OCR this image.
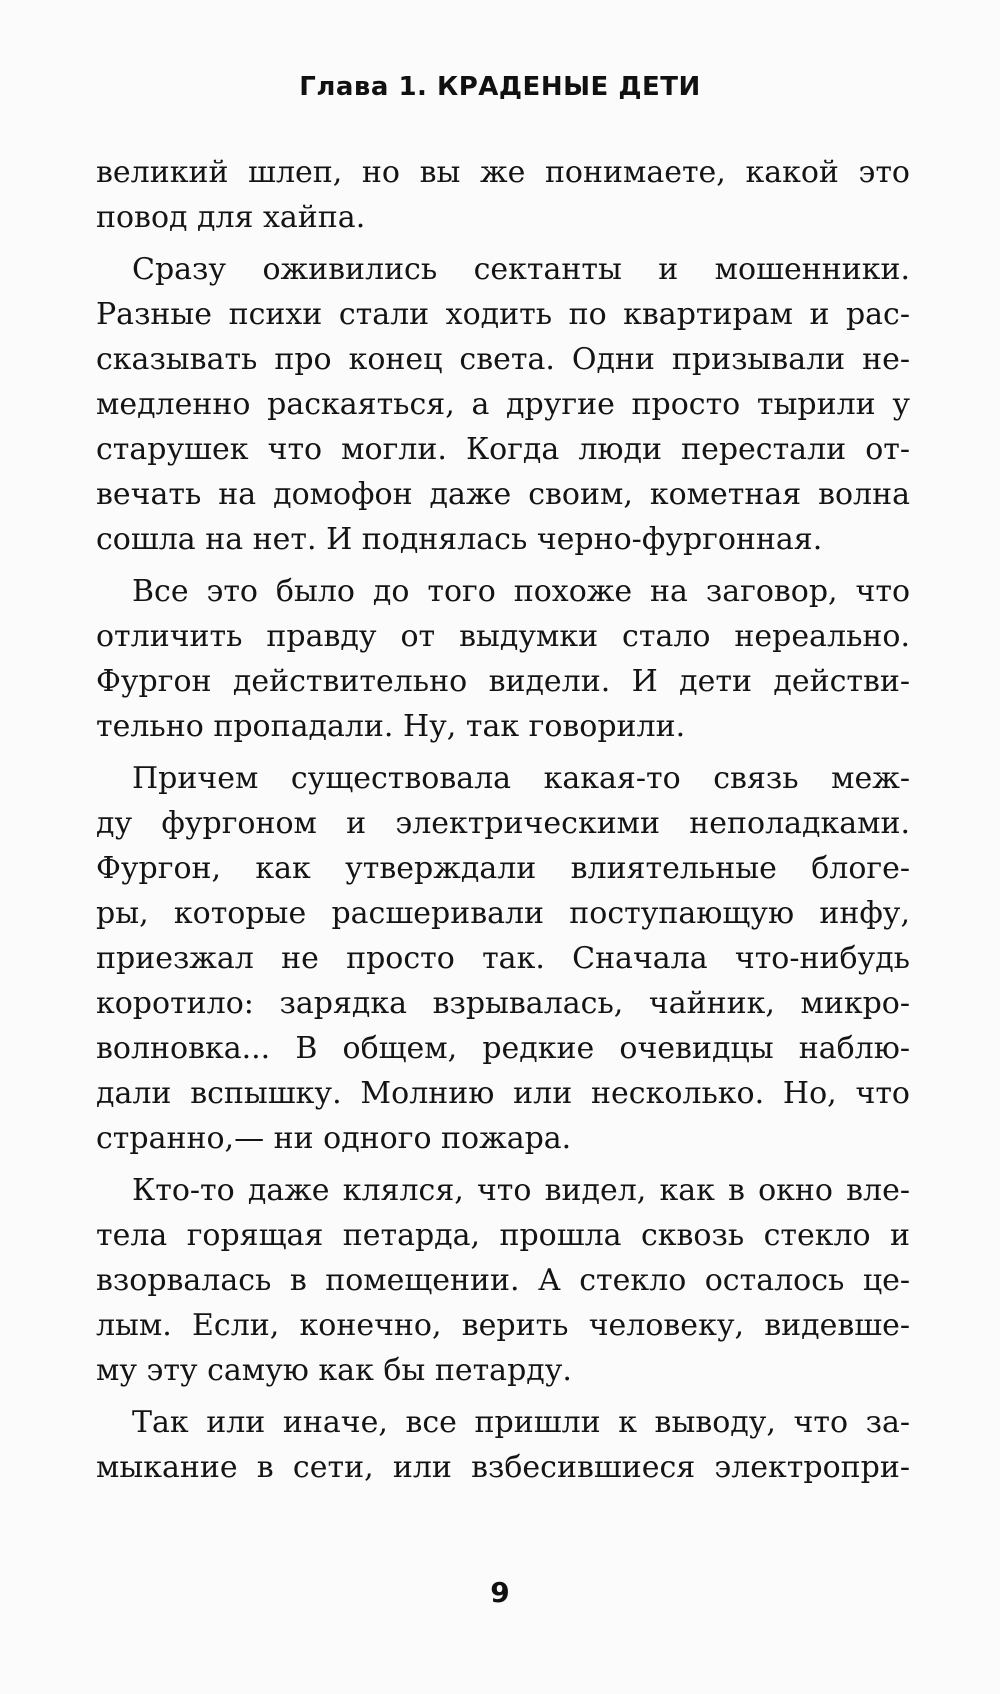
Глава 1. КРАДЕНЫЕ ДЕТИ
великий шлеп, но вы же понимаете, какой это
повод для хайпа.
Сразу оживились сектанты и мошенники.
Разные психи стали ходить по квартирам и рас-
сказывать про конец света. Одни призывали не-
медленно раскаяться, а другие просто тырили у
старушек что могли. Когда люди перестали от-
вечать на домофон даже своим, кометная волна
сошла на нет. И поднялась черно-фургонная.
Все это было до того похоже на заговор, что
отличить правду от выдумки стало нереально.
Фургон действительно видели. И дети действи-
тельно пропадали. Ну, так говорили.
Причем существовала какая-то связь меж-
ду фургоном и электрическими неполадками.
Фургон, как утверждали влиятельные блоге-
ры, которые расшеривали поступающую инфу,
приезжал не просто так. Сначала что-нибудь
коротило: зарядка взрывалась, чайник, микро-
волновка... В общем, редкие очевидцы наблю-
дали вспышку. Молнию или несколько. Но, что
странно,— ни одного пожара.
Кто-то даже клялся, что видел, как в окно вле-
тела горящая петарда, прошла сквозь стекло и
взорвалась в помещении. А стекло осталось це-
лым. Если, конечно, верить человеку, видевше-
му эту самую как бы петарду.
Так или иначе, все пришли к выводу, что за-
мыкание в сети, или взбесившиеся электропри-
9
